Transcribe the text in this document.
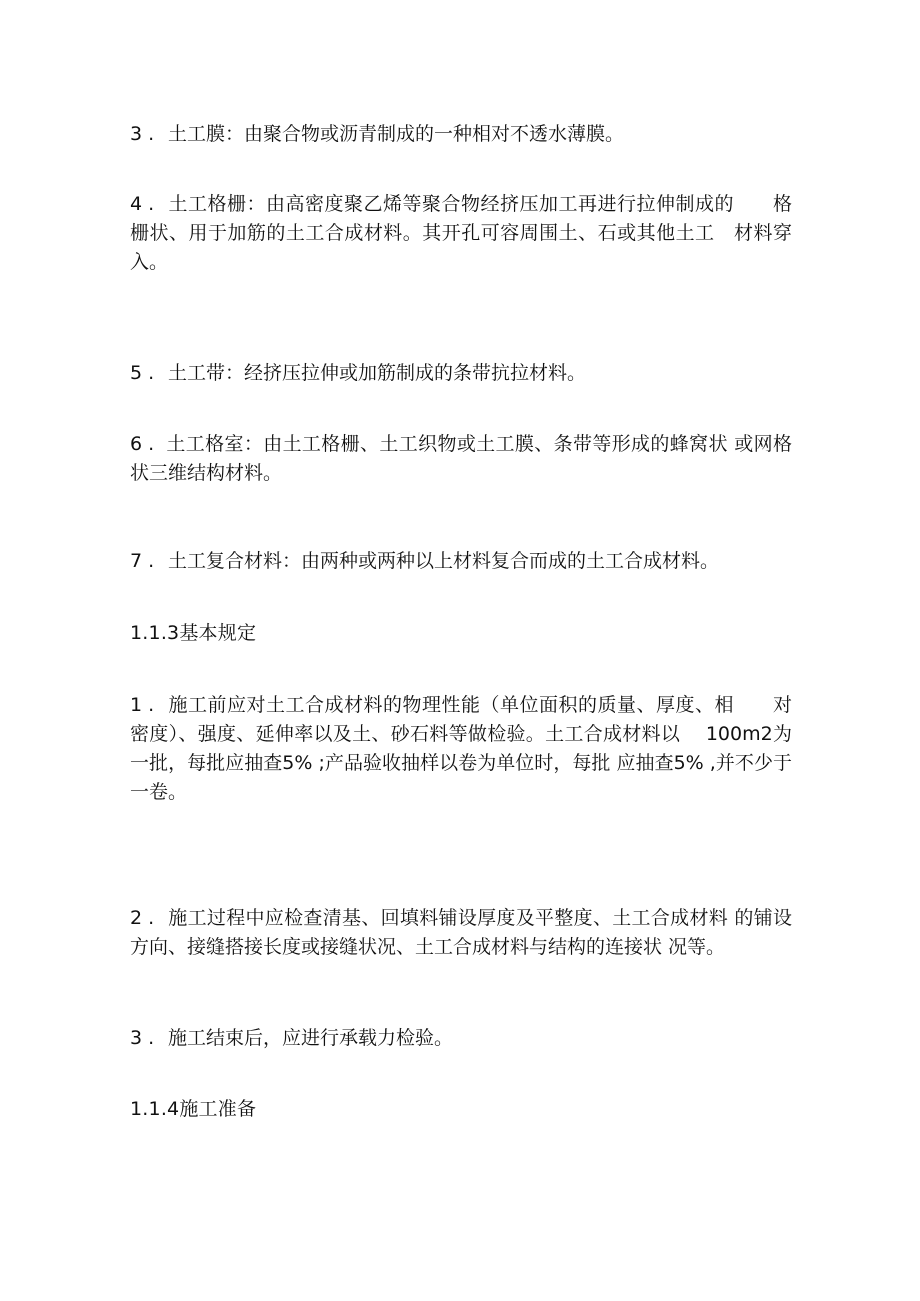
3 . 土工膜：由聚合物或沥青制成的一种相对不透水薄膜。

4 . 土工格栅：由高密度聚乙烯等聚合物经挤压加工再进行拉伸制成的　　格栅状、用于加筋的土工合成材料。其开孔可容周围土、石或其他土工　材料穿入。

5 . 土工带：经挤压拉伸或加筋制成的条带抗拉材料。

6 . 土工格室：由土工格栅、土工织物或土工膜、条带等形成的蜂窝状 或网格状三维结构材料。

7 . 土工复合材料：由两种或两种以上材料复合而成的土工合成材料。

1.1.3基本规定

1 . 施工前应对土工合成材料的物理性能（单位面积的质量、厚度、相　　对密度）、强度、延伸率以及土、砂石料等做检验。土工合成材料以　 100m2为一批，每批应抽查5% ;产品验收抽样以卷为单位时，每批 应抽查5% ,并不少于一卷。

2 . 施工过程中应检查清基、回填料铺设厚度及平整度、土工合成材料 的铺设方向、接缝搭接长度或接缝状况、土工合成材料与结构的连接状 况等。

3 . 施工结束后，应进行承载力检验。

1.1.4施工准备
